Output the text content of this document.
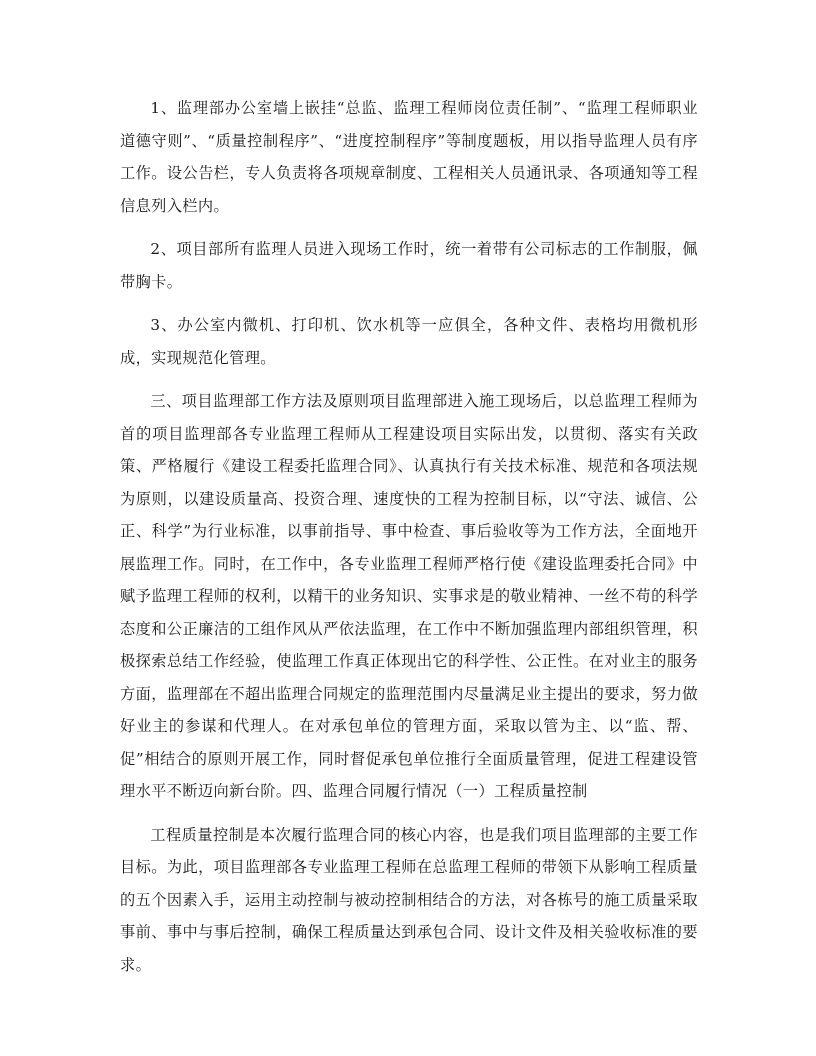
1、监理部办公室墙上嵌挂“总监、监理工程师岗位责任制”、“监理工程师职业道德守则”、“质量控制程序”、“进度控制程序”等制度题板，用以指导监理人员有序工作。设公告栏，专人负责将各项规章制度、工程相关人员通讯录、各项通知等工程信息列入栏内。

2、项目部所有监理人员进入现场工作时，统一着带有公司标志的工作制服，佩带胸卡。

3、办公室内微机、打印机、饮水机等一应俱全，各种文件、表格均用微机形成，实现规范化管理。

三、项目监理部工作方法及原则项目监理部进入施工现场后，以总监理工程师为首的项目监理部各专业监理工程师从工程建设项目实际出发，以贯彻、落实有关政策、严格履行《建设工程委托监理合同》、认真执行有关技术标准、规范和各项法规为原则，以建设质量高、投资合理、速度快的工程为控制目标，以“守法、诚信、公正、科学”为行业标准，以事前指导、事中检查、事后验收等为工作方法，全面地开展监理工作。同时，在工作中，各专业监理工程师严格行使《建设监理委托合同》中赋予监理工程师的权利，以精干的业务知识、实事求是的敬业精神、一丝不苟的科学态度和公正廉洁的工组作风从严依法监理，在工作中不断加强监理内部组织管理，积极探索总结工作经验，使监理工作真正体现出它的科学性、公正性。在对业主的服务方面，监理部在不超出监理合同规定的监理范围内尽量满足业主提出的要求，努力做好业主的参谋和代理人。在对承包单位的管理方面，采取以管为主、以“监、帮、促”相结合的原则开展工作，同时督促承包单位推行全面质量管理，促进工程建设管理水平不断迈向新台阶。四、监理合同履行情况（一）工程质量控制

工程质量控制是本次履行监理合同的核心内容，也是我们项目监理部的主要工作目标。为此，项目监理部各专业监理工程师在总监理工程师的带领下从影响工程质量的五个因素入手，运用主动控制与被动控制相结合的方法，对各栋号的施工质量采取事前、事中与事后控制，确保工程质量达到承包合同、设计文件及相关验收标准的要求。
